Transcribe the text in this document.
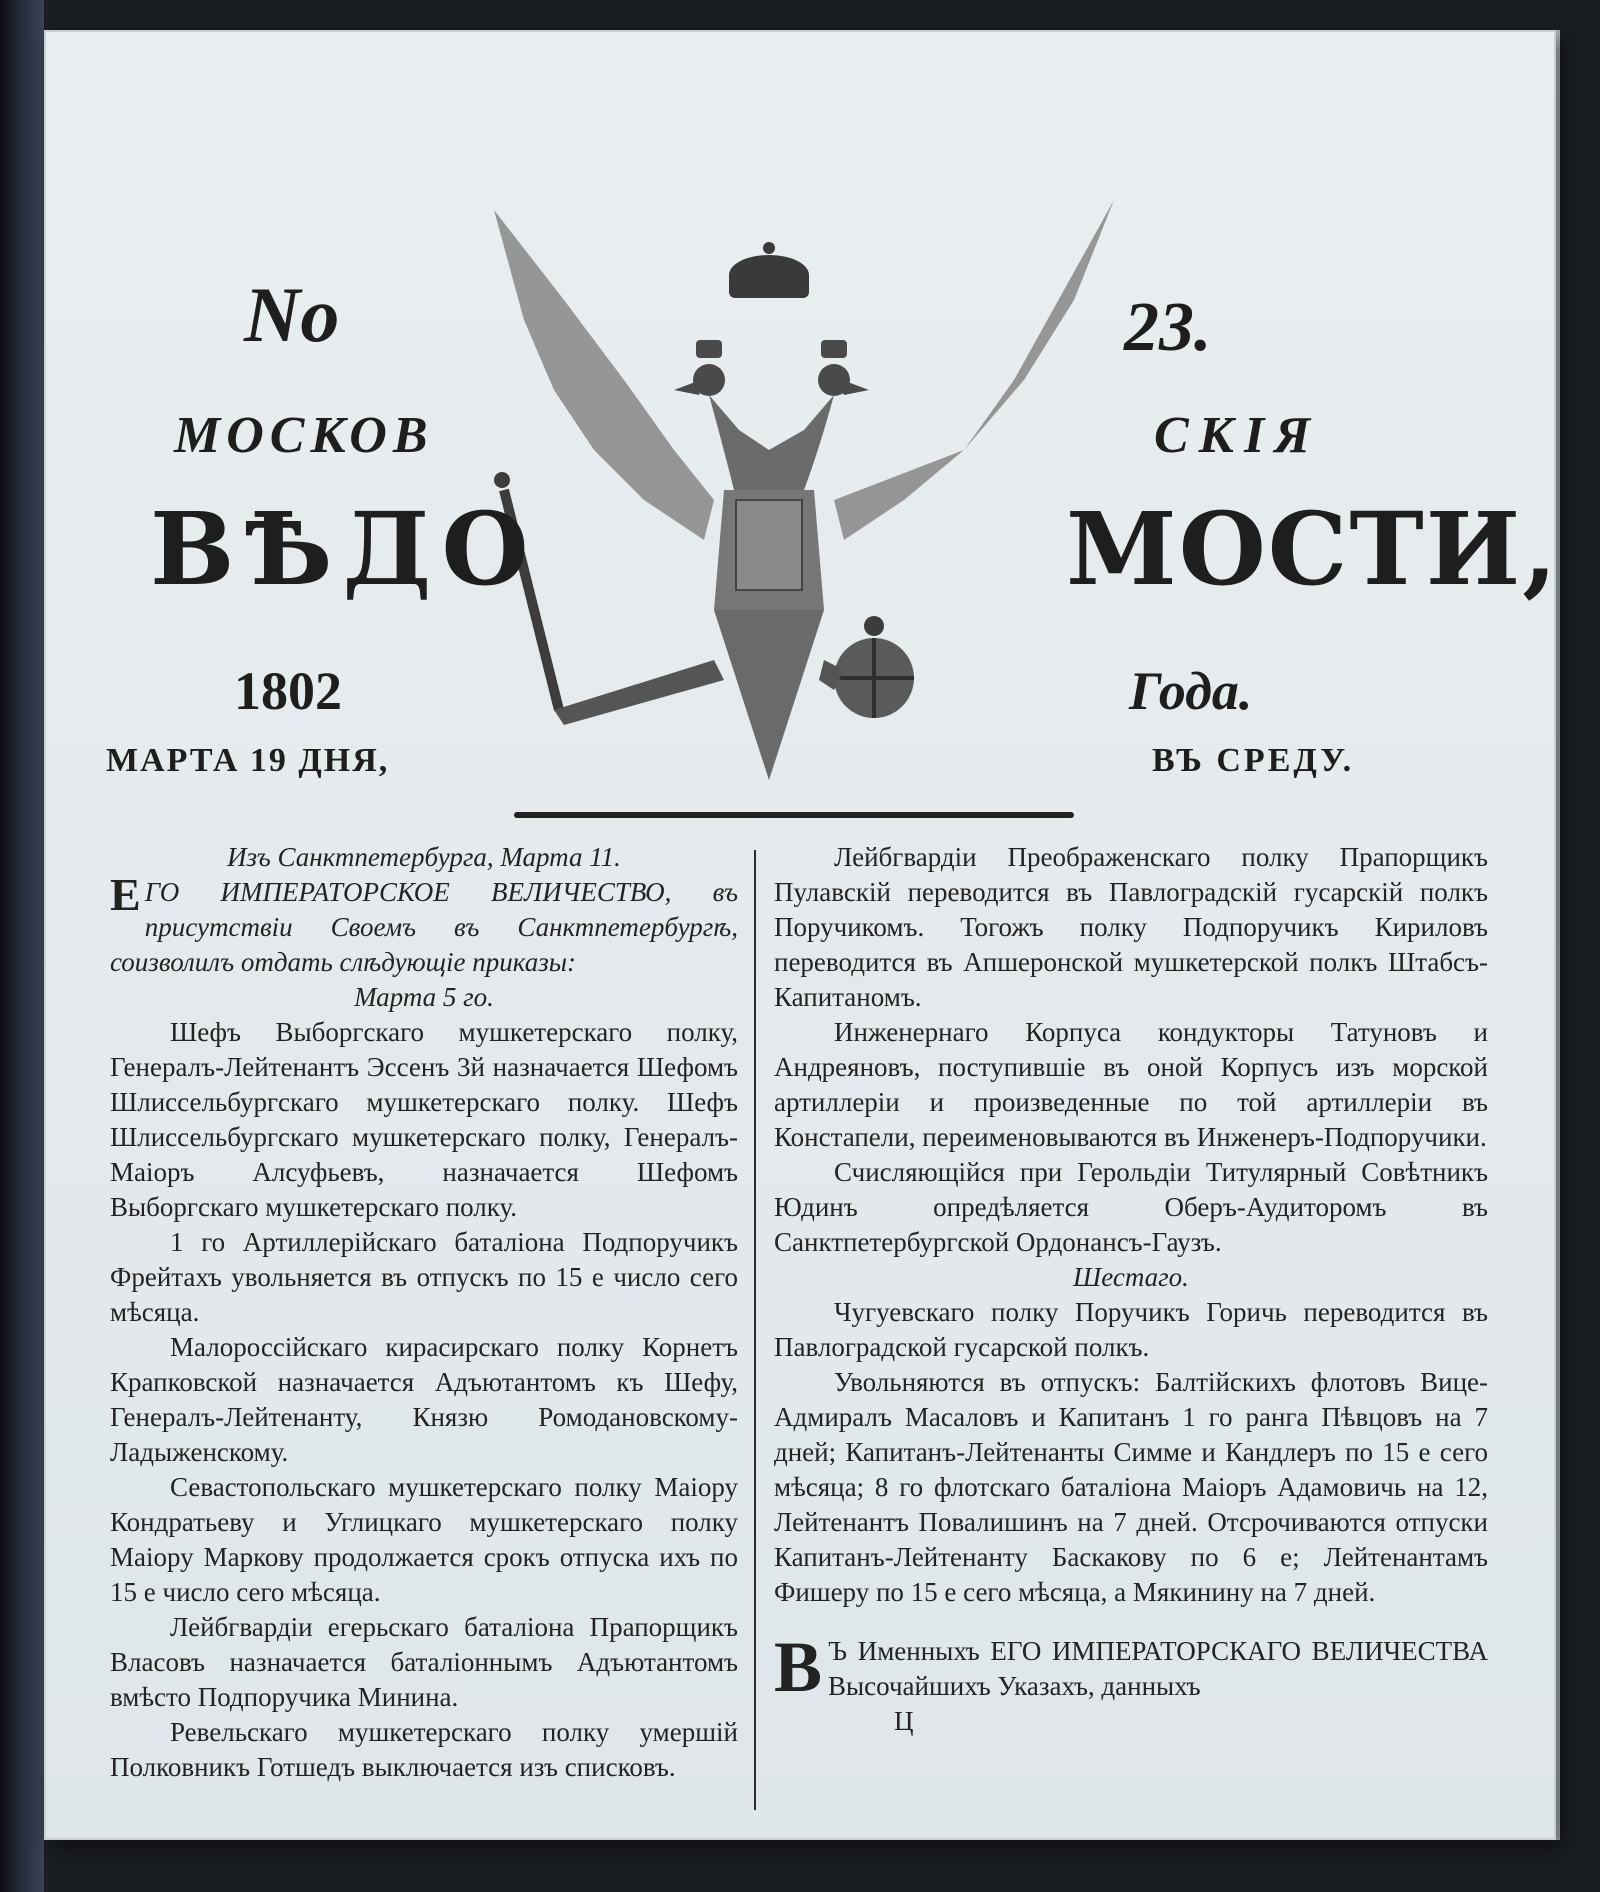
No	23.
МОСКОВ	СКІЯ
ВѢДО	МОСТИ,
1802	Года.
МАРТА 19 ДНЯ,	ВЪ СРЕДУ.

Изъ Санктпетербурга, Марта 11.

ЕГО ИМПЕРАТОРСКОЕ ВЕЛИЧЕСТВО, въ присутствіи Своемъ въ Санктпетербургѣ, соизволилъ отдать слѣдующіе приказы:

Марта 5 го.

Шефъ Выборгскаго мушкетерскаго полку, Генералъ-Лейтенантъ Эссенъ 3й назначается Шефомъ Шлиссельбургскаго мушкетерскаго полку. Шефъ Шлиссельбургскаго мушкетерскаго полку, Генералъ-Маіоръ Алсуфьевъ, назначается Шефомъ Выборгскаго мушкетерскаго полку.

1 го Артиллерійскаго баталіона Подпоручикъ Фрейтахъ увольняется въ отпускъ по 15 е число сего мѣсяца.

Малороссійскаго кирасирскаго полку Корнетъ Крапковской назначается Адъютантомъ къ Шефу, Генералъ-Лейтенанту, Князю Ромодановскому-Ладыженскому.

Севастопольскаго мушкетерскаго полку Маіору Кондратьеву и Углицкаго мушкетерскаго полку Маіору Маркову продолжается срокъ отпуска ихъ по 15 е число сего мѣсяца.

Лейбгвардіи егерьскаго баталіона Прапорщикъ Власовъ назначается баталіоннымъ Адъютантомъ вмѣсто Подпоручика Минина.

Ревельскаго мушкетерскаго полку умершій Полковникъ Готшедъ выключается изъ списковъ.

Лейбгвардіи Преображенскаго полку Прапорщикъ Пулавскій переводится въ Павлоградскій гусарскій полкъ Поручикомъ. Тогожъ полку Подпоручикъ Кириловъ переводится въ Апшеронской мушкетерской полкъ Штабсъ-Капитаномъ.

Инженернаго Корпуса кондукторы Татуновъ и Андреяновъ, поступившіе въ оной Корпусъ изъ морской артиллеріи и произведенные по той артиллеріи въ Констапели, переименовываются въ Инженеръ-Подпоручики.

Счисляющійся при Герольдіи Титулярный Совѣтникъ Юдинъ опредѣляется Оберъ-Аудиторомъ въ Санктпетербургской Ордонансъ-Гаузъ.

Шестаго.

Чугуевскаго полку Поручикъ Горичь переводится въ Павлоградской гусарской полкъ.

Увольняются въ отпускъ: Балтійскихъ флотовъ Вице-Адмиралъ Масаловъ и Капитанъ 1 го ранга Пѣвцовъ на 7 дней; Капитанъ-Лейтенанты Симме и Кандлеръ по 15 е сего мѣсяца; 8 го флотскаго баталіона Маіоръ Адамовичь на 12, Лейтенантъ Повалишинъ на 7 дней. Отсрочиваются отпуски Капитанъ-Лейтенанту Баскакову по 6 е; Лейтенантамъ Фишеру по 15 е сего мѣсяца, а Мякинину на 7 дней.

В Ъ Именныхъ ЕГО ИМПЕРАТОРСКАГО ВЕЛИЧЕСТВА Высочайшихъ Указахъ, данныхъ

Ц
